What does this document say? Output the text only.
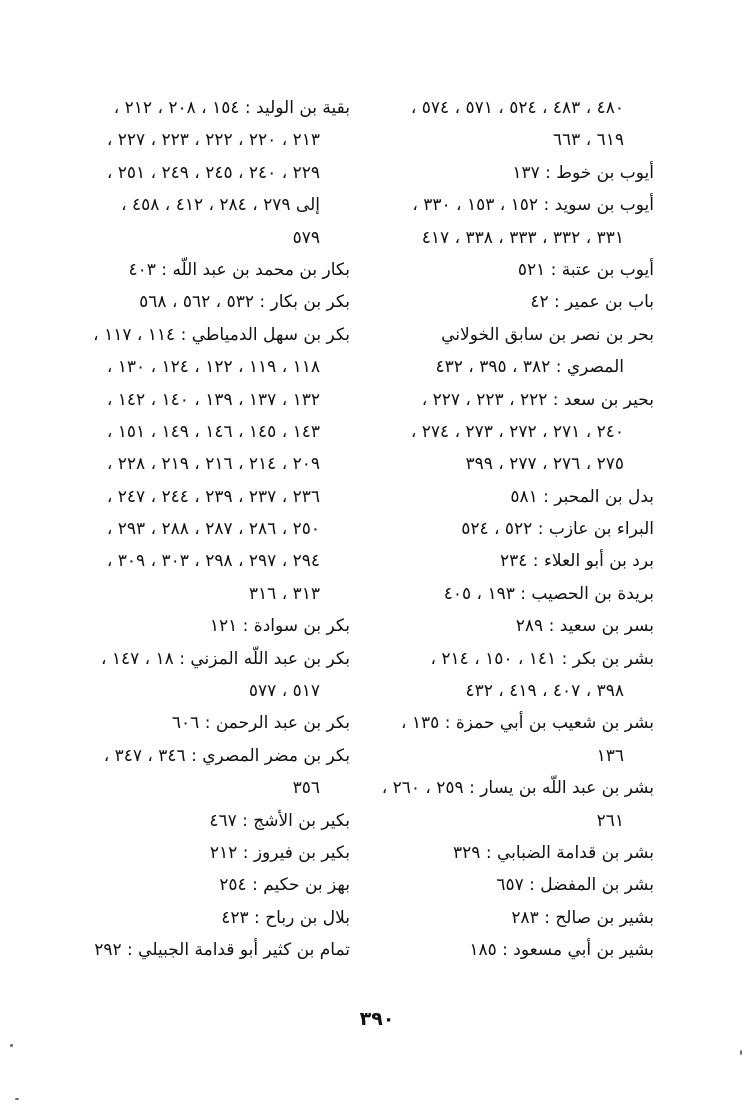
٤٨٠ ، ٤٨٣ ، ٥٢٤ ، ٥٧١ ، ٥٧٤ ،
٦١٩ ، ٦٦٣
أيوب بن خوط : ١٣٧
أيوب بن سويد : ١٥٢ ، ١٥٣ ، ٣٣٠ ،
٣٣١ ، ٣٣٢ ، ٣٣٣ ، ٣٣٨ ، ٤١٧
أيوب بن عتبة : ٥٢١
باب بن عمير : ٤٢
بحر بن نصر بن سابق الخولاني
المصري : ٣٨٢ ، ٣٩٥ ، ٤٣٢
بحير بن سعد : ٢٢٢ ، ٢٢٣ ، ٢٢٧ ،
٢٤٠ ، ٢٧١ ، ٢٧٢ ، ٢٧٣ ، ٢٧٤ ،
٢٧٥ ، ٢٧٦ ، ٢٧٧ ، ٣٩٩
بدل بن المحبر : ٥٨١
البراء بن عازب : ٥٢٢ ، ٥٢٤
برد بن أبو العلاء : ٢٣٤
بريدة بن الحصيب : ١٩٣ ، ٤٠٥
بسر بن سعيد : ٢٨٩
بشر بن بكر : ١٤١ ، ١٥٠ ، ٢١٤ ،
٣٩٨ ، ٤٠٧ ، ٤١٩ ، ٤٣٢
بشر بن شعيب بن أبي حمزة : ١٣٥ ،
١٣٦
بشر بن عبد اللّه بن يسار : ٢٥٩ ، ٢٦٠ ،
٢٦١
بشر بن قدامة الضبابي : ٣٢٩
بشر بن المفضل : ٦٥٧
بشير بن صالح : ٢٨٣
بشير بن أبي مسعود : ١٨٥
بقية بن الوليد : ١٥٤ ، ٢٠٨ ، ٢١٢ ،
٢١٣ ، ٢٢٠ ، ٢٢٢ ، ٢٢٣ ، ٢٢٧ ،
٢٢٩ ، ٢٤٠ ، ٢٤٥ ، ٢٤٩ ، ٢٥١ ،
إلى ٢٧٩ ، ٢٨٤ ، ٤١٢ ، ٤٥٨ ،
٥٧٩
بكار بن محمد بن عبد اللّه : ٤٠٣
بكر بن بكار : ٥٣٢ ، ٥٦٢ ، ٥٦٨
بكر بن سهل الدمياطي : ١١٤ ، ١١٧ ،
١١٨ ، ١١٩ ، ١٢٢ ، ١٢٤ ، ١٣٠ ،
١٣٢ ، ١٣٧ ، ١٣٩ ، ١٤٠ ، ١٤٢ ،
١٤٣ ، ١٤٥ ، ١٤٦ ، ١٤٩ ، ١٥١ ،
٢٠٩ ، ٢١٤ ، ٢١٦ ، ٢١٩ ، ٢٢٨ ،
٢٣٦ ، ٢٣٧ ، ٢٣٩ ، ٢٤٤ ، ٢٤٧ ،
٢٥٠ ، ٢٨٦ ، ٢٨٧ ، ٢٨٨ ، ٢٩٣ ،
٢٩٤ ، ٢٩٧ ، ٢٩٨ ، ٣٠٣ ، ٣٠٩ ،
٣١٣ ، ٣١٦
بكر بن سوادة : ١٢١
بكر بن عبد اللّه المزني : ١٨ ، ١٤٧ ،
٥١٧ ، ٥٧٧
بكر بن عبد الرحمن : ٦٠٦
بكر بن مضر المصري : ٣٤٦ ، ٣٤٧ ،
٣٥٦
بكير بن الأشج : ٤٦٧
بكير بن فيروز : ٢١٢
بهز بن حكيم : ٢٥٤
بلال بن رباح : ٤٢٣
تمام بن كثير أبو قدامة الجبيلي : ٢٩٢
٣٩٠
